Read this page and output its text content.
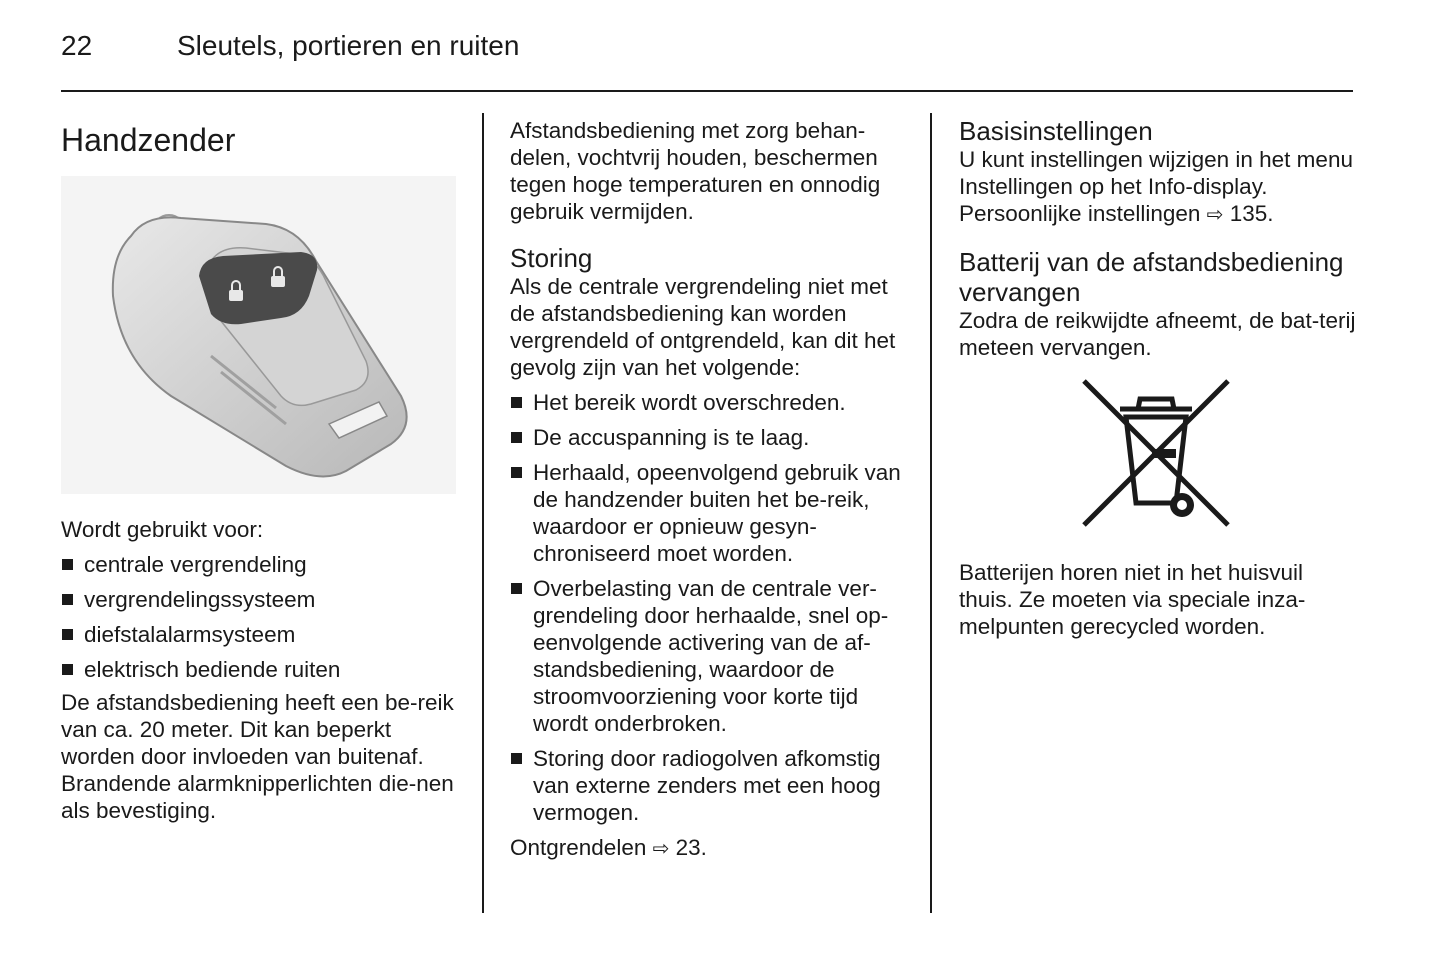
22	Sleutels, portieren en ruiten
Handzender

Wordt gebruikt voor:

centrale vergrendeling
vergrendelingssysteem
diefstalalarmsysteem
elektrisch bediende ruiten

De afstandsbediening heeft een be-reik van ca. 20 meter. Dit kan beperkt worden door invloeden van buitenaf. Brandende alarmknipperlichten die-nen als bevestiging.

Afstandsbediening met zorg behan-delen, vochtvrij houden, beschermen tegen hoge temperaturen en onnodig gebruik vermijden.

Storing

Als de centrale vergrendeling niet met de afstandsbediening kan worden vergrendeld of ontgrendeld, kan dit het gevolg zijn van het volgende:

Het bereik wordt overschreden.
De accuspanning is te laag.
Herhaald, opeenvolgend gebruik van de handzender buiten het be-reik, waardoor er opnieuw gesyn-chroniseerd moet worden.
Overbelasting van de centrale ver-grendeling door herhaalde, snel op-eenvolgende activering van de af-standsbediening, waardoor de stroomvoorziening voor korte tijd wordt onderbroken.
Storing door radiogolven afkomstig van externe zenders met een hoog vermogen.

Ontgrendelen ⇨ 23.

Basisinstellingen

U kunt instellingen wijzigen in het menu Instellingen op het Info-display.

Persoonlijke instellingen ⇨ 135.

Batterij van de afstandsbediening vervangen

Zodra de reikwijdte afneemt, de bat-terij meteen vervangen.

Batterijen horen niet in het huisvuil thuis. Ze moeten via speciale inza-melpunten gerecycled worden.
